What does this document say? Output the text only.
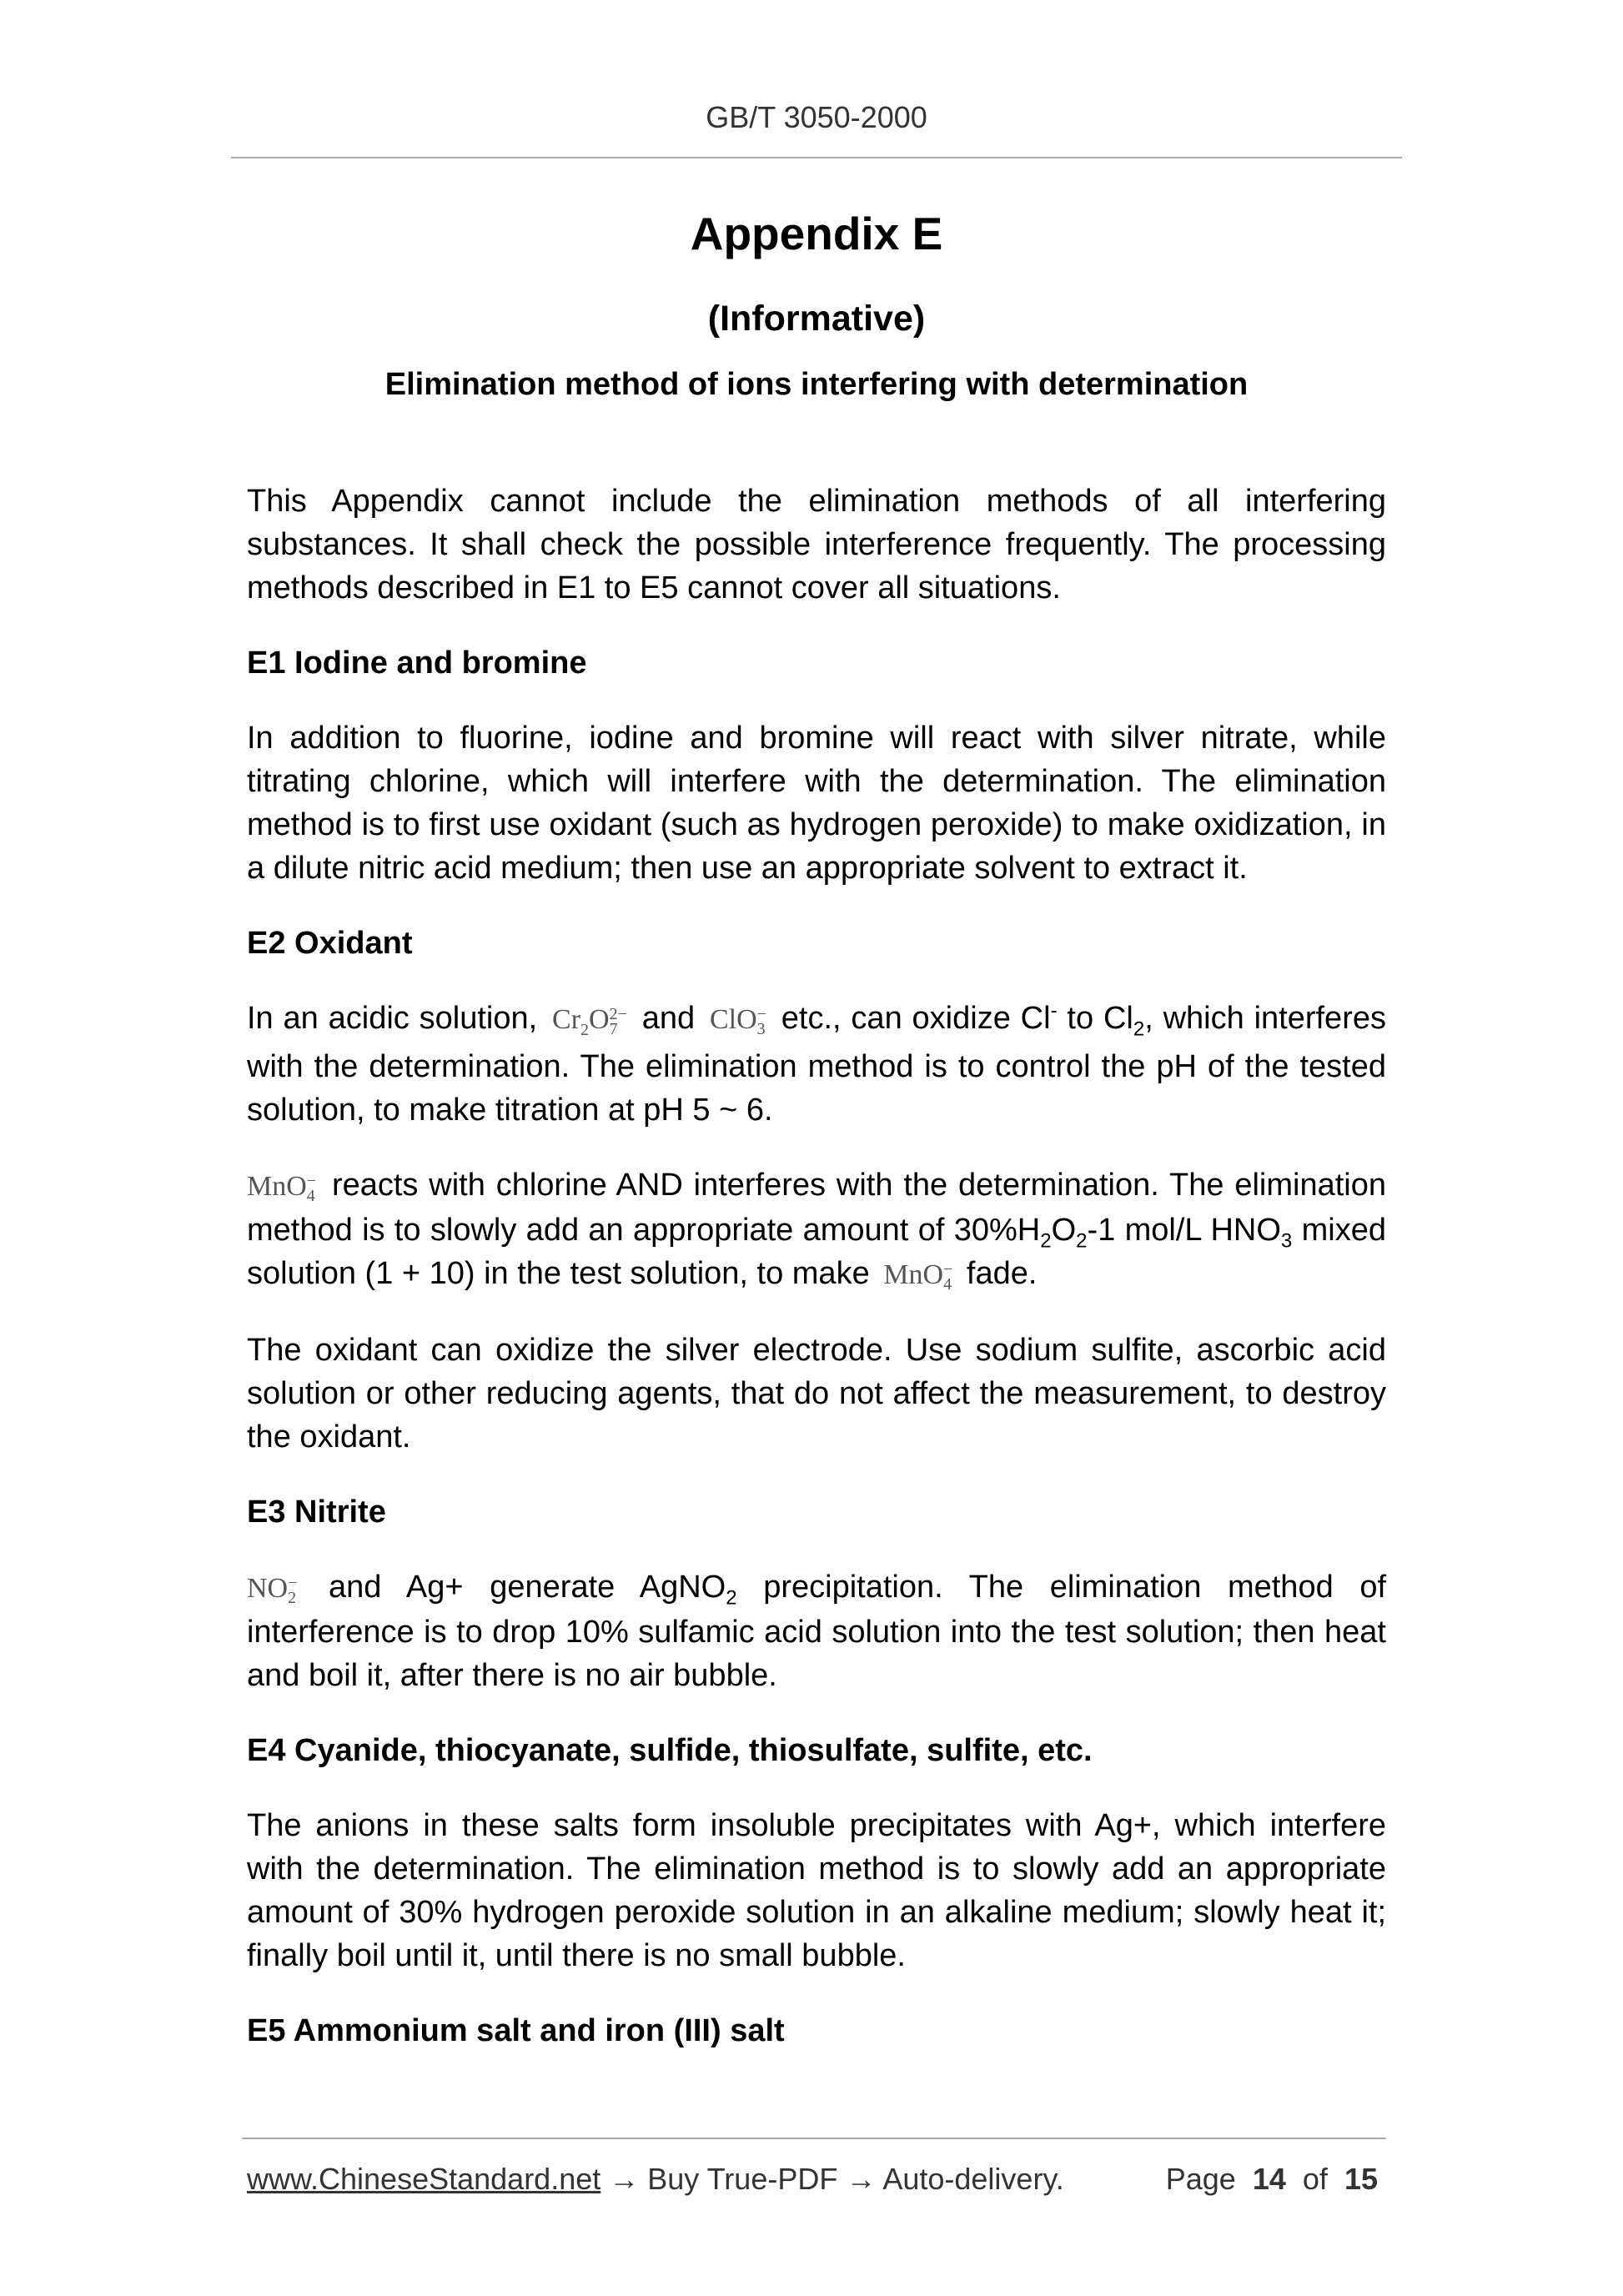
GB/T 3050-2000
Appendix E
(Informative)
Elimination method of ions interfering with determination

This Appendix cannot include the elimination methods of all interfering substances. It shall check the possible interference frequently. The processing methods described in E1 to E5 cannot cover all situations.

E1 Iodine and bromine

In addition to fluorine, iodine and bromine will react with silver nitrate, while titrating chlorine, which will interfere with the determination. The elimination method is to first use oxidant (such as hydrogen peroxide) to make oxidization, in a dilute nitric acid medium; then use an appropriate solvent to extract it.

E2 Oxidant

In an acidic solution, $Cr_2O$ 2−
7 and ClO −
3 etc., can oxidize Cl- to $Cl_2$, which interferes with the determination. The elimination method is to control the pH of the tested solution, to make titration at pH 5 ~ 6.

MnO −
4 reacts with chlorine AND interferes with the determination. The elimination method is to slowly add an appropriate amount of $30\%H_2O_2-1$ mol/L $HNO_3$ mixed solution (1 + 10) in the test solution, to make MnO −
4 fade.

The oxidant can oxidize the silver electrode. Use sodium sulfite, ascorbic acid solution or other reducing agents, that do not affect the measurement, to destroy the oxidant.

E3 Nitrite

NO −
2 and Ag+ generate AgNO$_2$ precipitation. The elimination method of interference is to drop 10% sulfamic acid solution into the test solution; then heat and boil it, after there is no air bubble.

E4 Cyanide, thiocyanate, sulfide, thiosulfate, sulfite, etc.

The anions in these salts form insoluble precipitates with Ag+, which interfere with the determination. The elimination method is to slowly add an appropriate amount of 30% hydrogen peroxide solution in an alkaline medium; slowly heat it; finally boil until it, until there is no small bubble.

E5 Ammonium salt and iron (III) salt

www.ChineseStandard.net → Buy True-PDF → Auto-delivery.	Page 14 of 15
